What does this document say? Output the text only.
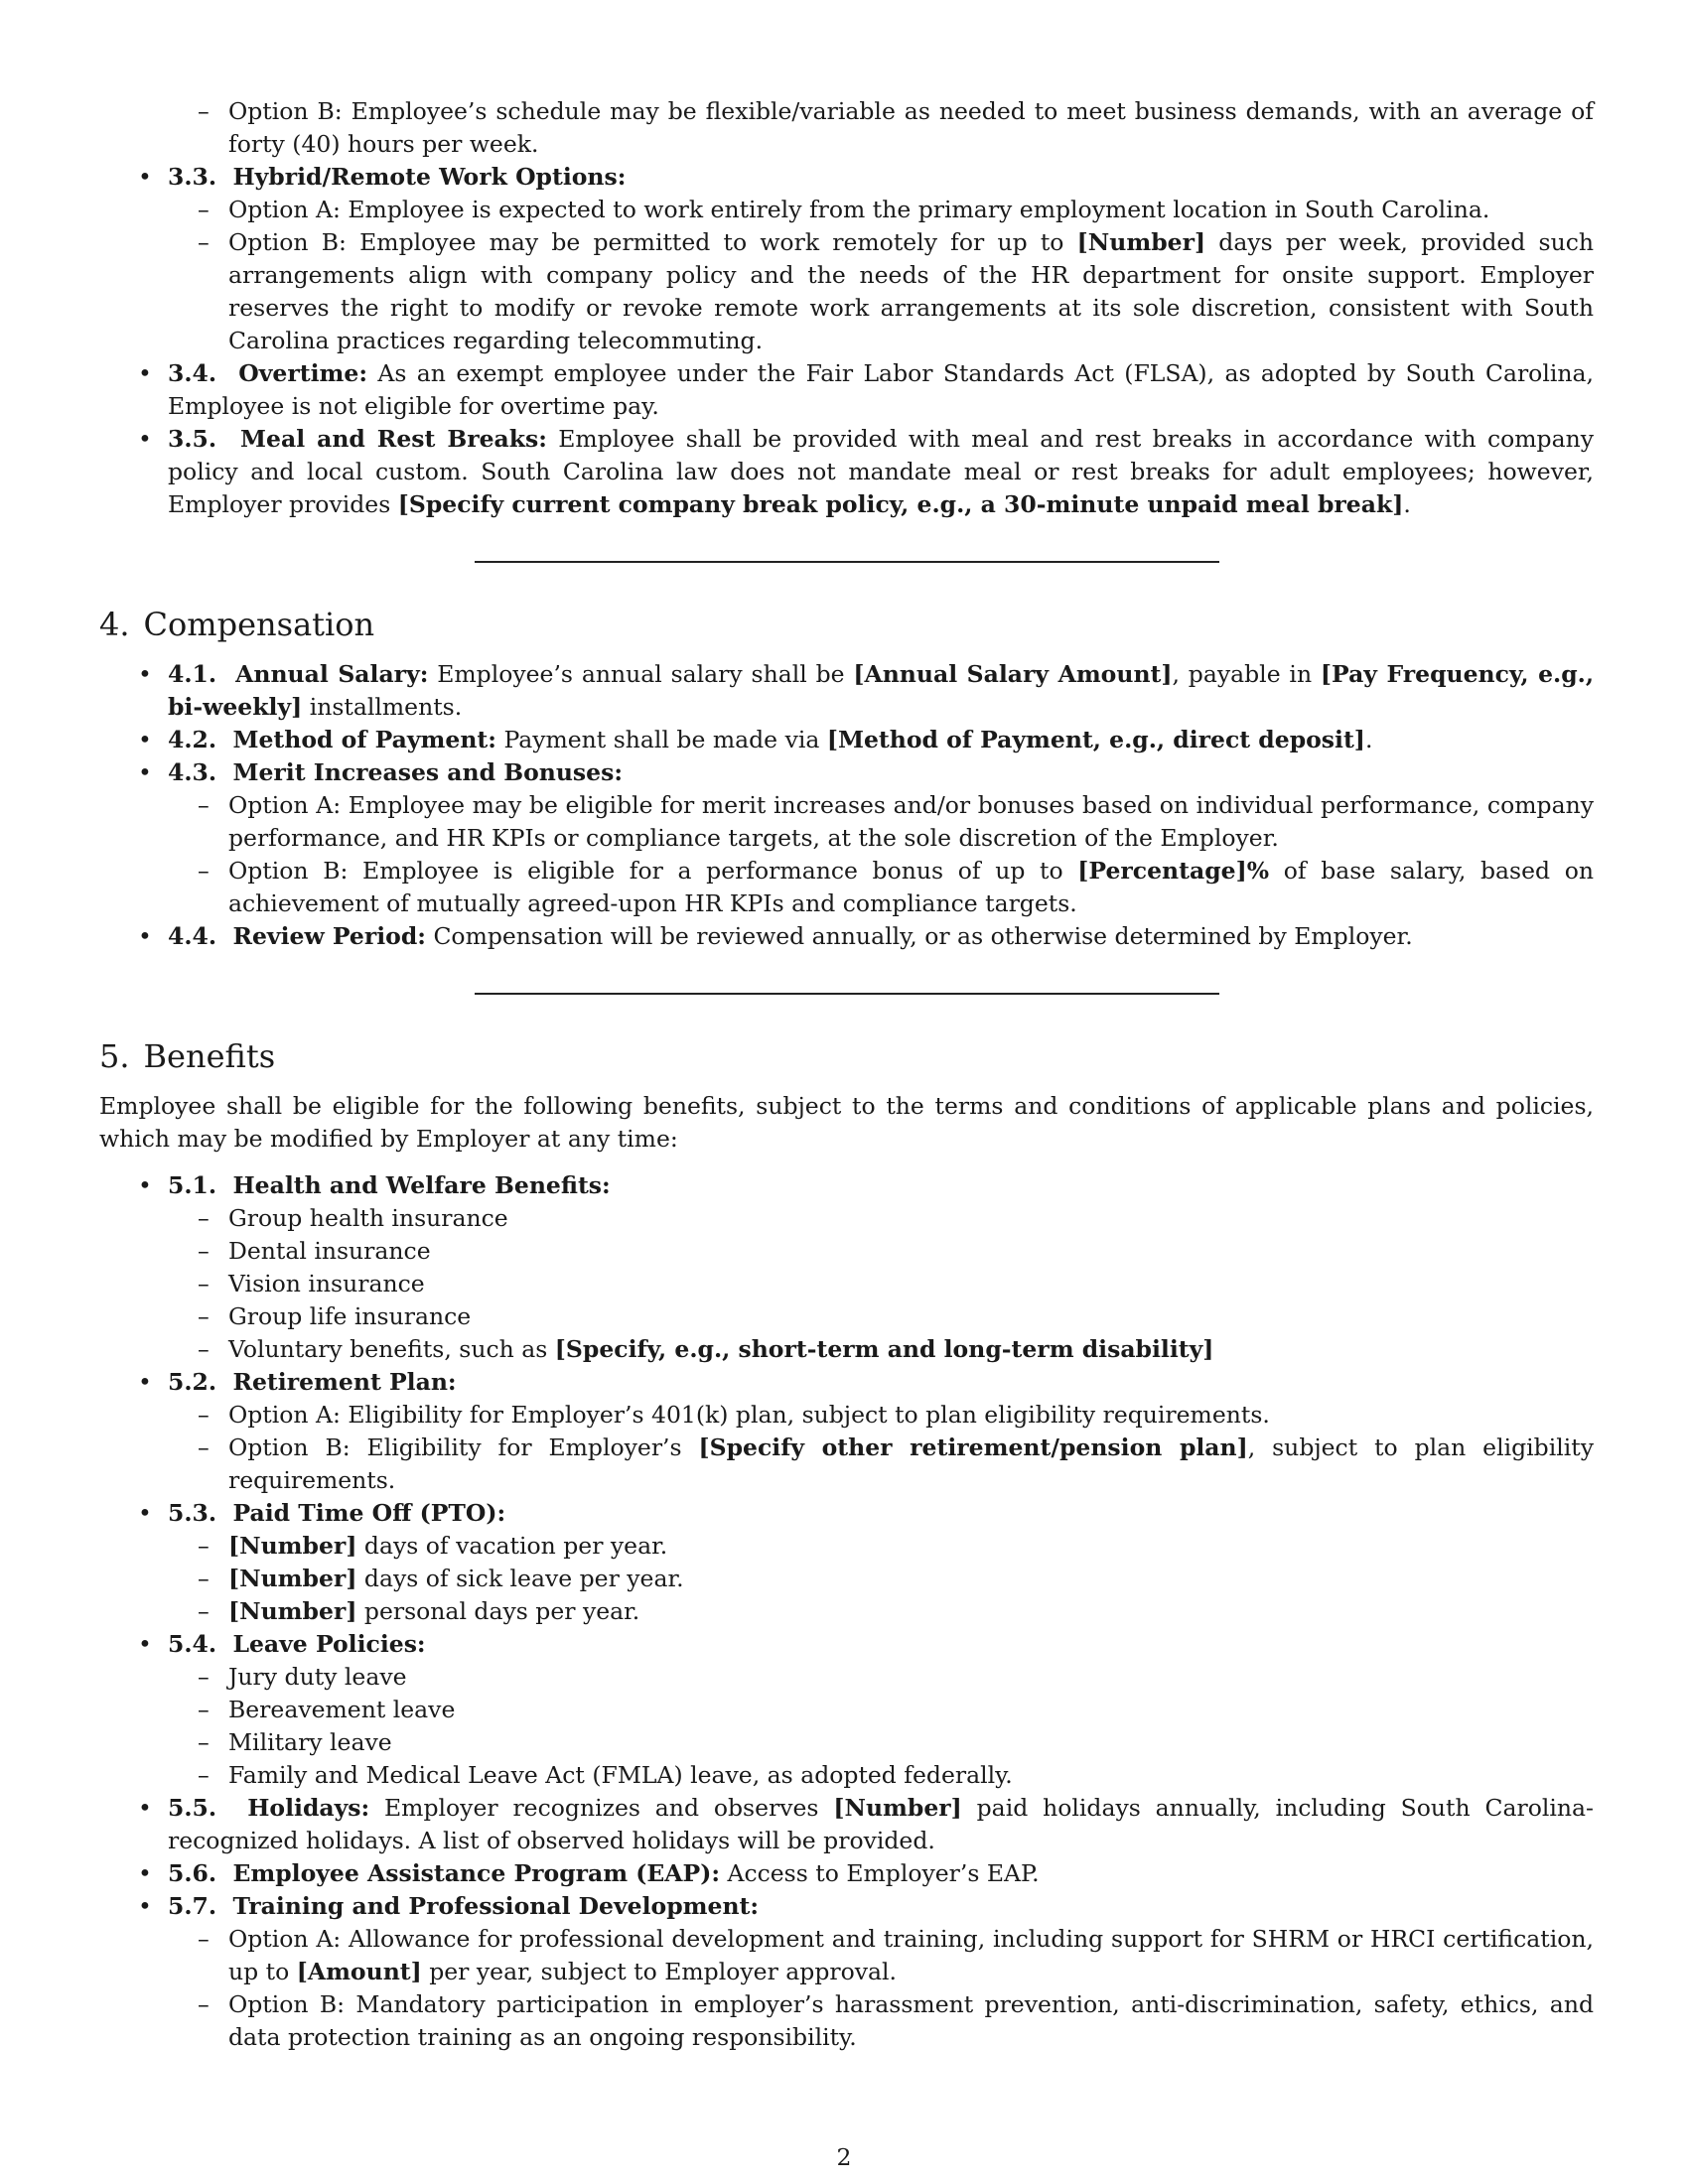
– Option B: Employee’s schedule may be flexible/variable as needed to meet business demands, with an average of forty (40) hours per week.
• 3.3. Hybrid/Remote Work Options:
– Option A: Employee is expected to work entirely from the primary employment location in South Carolina.
– Option B: Employee may be permitted to work remotely for up to [Number] days per week, provided such arrangements align with company policy and the needs of the HR department for onsite support. Employer reserves the right to modify or revoke remote work arrangements at its sole discretion, consistent with South Carolina practices regarding telecommuting.
• 3.4. Overtime: As an exempt employee under the Fair Labor Standards Act (FLSA), as adopted by South Carolina, Employee is not eligible for overtime pay.
• 3.5. Meal and Rest Breaks: Employee shall be provided with meal and rest breaks in accordance with company policy and local custom. South Carolina law does not mandate meal or rest breaks for adult employees; however, Employer provides [Specify current company break policy, e.g., a 30-minute unpaid meal break].
4. Compensation
• 4.1. Annual Salary: Employee’s annual salary shall be [Annual Salary Amount], payable in [Pay Frequency, e.g., bi-weekly] installments.
• 4.2. Method of Payment: Payment shall be made via [Method of Payment, e.g., direct deposit].
• 4.3. Merit Increases and Bonuses:
– Option A: Employee may be eligible for merit increases and/or bonuses based on individual performance, company performance, and HR KPIs or compliance targets, at the sole discretion of the Employer.
– Option B: Employee is eligible for a performance bonus of up to [Percentage]% of base salary, based on achievement of mutually agreed-upon HR KPIs and compliance targets.
• 4.4. Review Period: Compensation will be reviewed annually, or as otherwise determined by Employer.
5. Benefits
Employee shall be eligible for the following benefits, subject to the terms and conditions of applicable plans and policies, which may be modified by Employer at any time:
• 5.1. Health and Welfare Benefits:
– Group health insurance
– Dental insurance
– Vision insurance
– Group life insurance
– Voluntary benefits, such as [Specify, e.g., short-term and long-term disability]
• 5.2. Retirement Plan:
– Option A: Eligibility for Employer’s 401(k) plan, subject to plan eligibility requirements.
– Option B: Eligibility for Employer’s [Specify other retirement/pension plan], subject to plan eligibility requirements.
• 5.3. Paid Time Off (PTO):
– [Number] days of vacation per year.
– [Number] days of sick leave per year.
– [Number] personal days per year.
• 5.4. Leave Policies:
– Jury duty leave
– Bereavement leave
– Military leave
– Family and Medical Leave Act (FMLA) leave, as adopted federally.
• 5.5. Holidays: Employer recognizes and observes [Number] paid holidays annually, including South Carolina-recognized holidays. A list of observed holidays will be provided.
• 5.6. Employee Assistance Program (EAP): Access to Employer’s EAP.
• 5.7. Training and Professional Development:
– Option A: Allowance for professional development and training, including support for SHRM or HRCI certification, up to [Amount] per year, subject to Employer approval.
– Option B: Mandatory participation in employer’s harassment prevention, anti-discrimination, safety, ethics, and data protection training as an ongoing responsibility.
2
